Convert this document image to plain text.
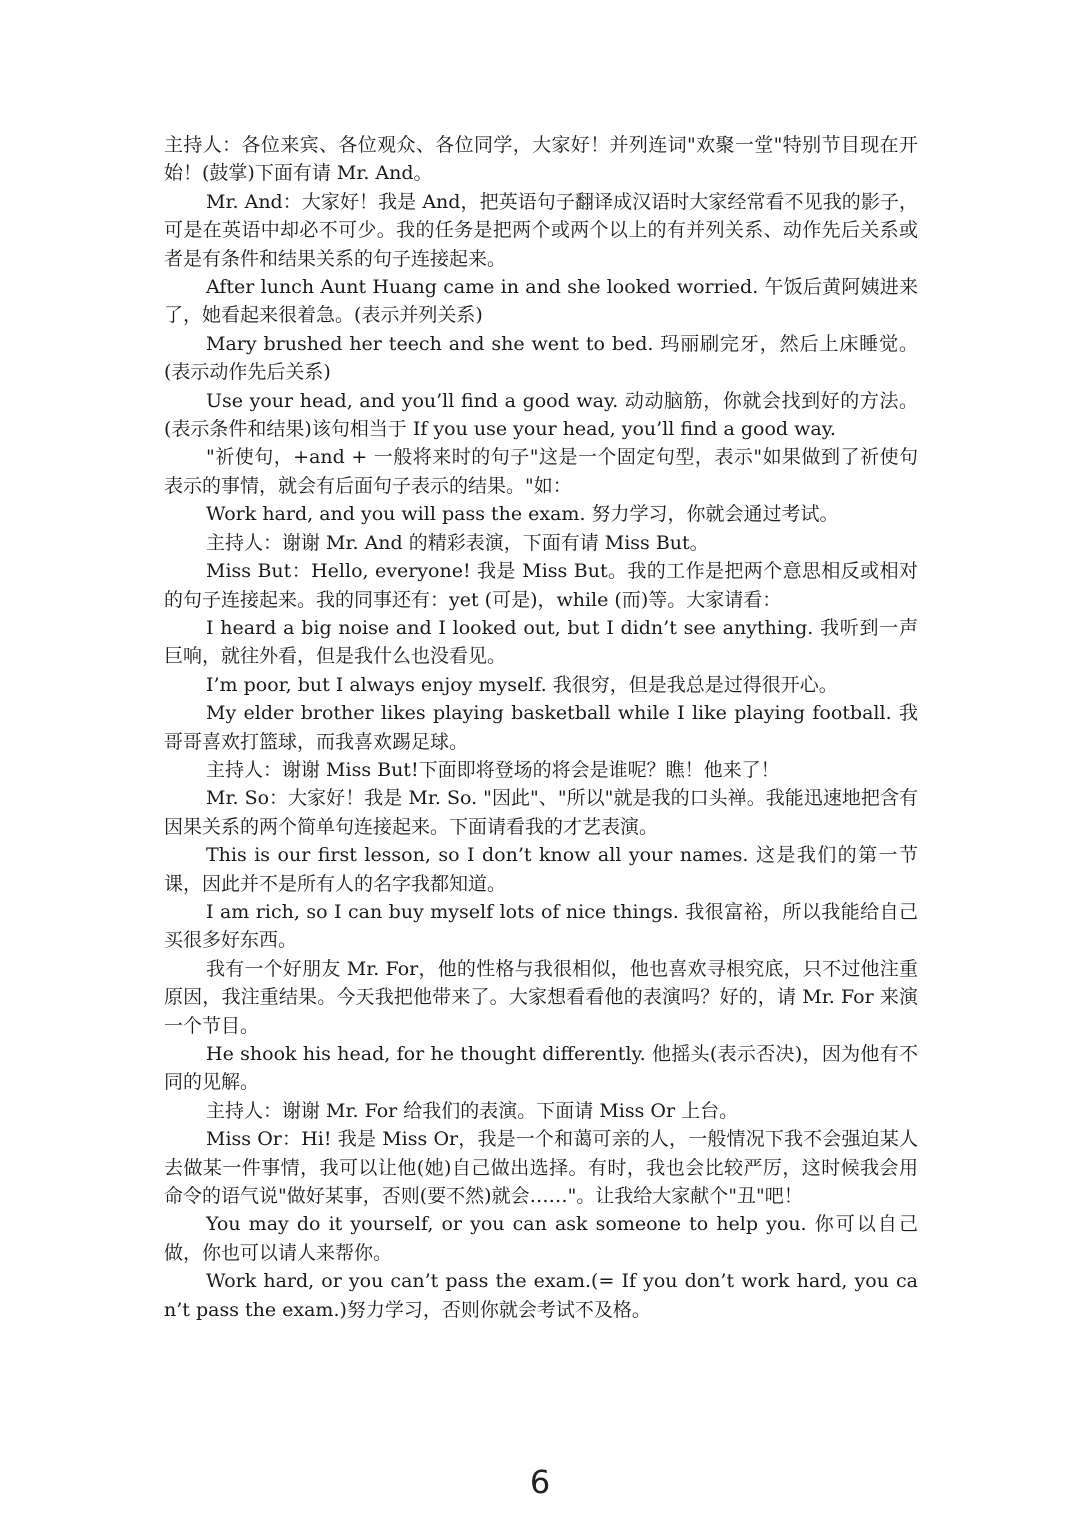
主持人：各位来宾、各位观众、各位同学，大家好！并列连词"欢聚一堂"特别节目现在开始！(鼓掌)下面有请 Mr. And。

Mr. And：大家好！我是 And，把英语句子翻译成汉语时大家经常看不见我的影子，可是在英语中却必不可少。我的任务是把两个或两个以上的有并列关系、动作先后关系或者是有条件和结果关系的句子连接起来。

After lunch Aunt Huang came in and she looked worried. 午饭后黄阿姨进来了，她看起来很着急。(表示并列关系)

Mary brushed her teech and she went to bed. 玛丽刷完牙，然后上床睡觉。(表示动作先后关系)

Use your head, and you’ll find a good way. 动动脑筋，你就会找到好的方法。(表示条件和结果)该句相当于 If you use your head, you’ll find a good way.

"祈使句，+and + 一般将来时的句子"这是一个固定句型，表示"如果做到了祈使句表示的事情，就会有后面句子表示的结果。"如：

Work hard, and you will pass the exam. 努力学习，你就会通过考试。

主持人：谢谢 Mr. And 的精彩表演，下面有请 Miss But。

Miss But：Hello, everyone! 我是 Miss But。我的工作是把两个意思相反或相对的句子连接起来。我的同事还有：yet (可是)，while (而)等。大家请看：

I heard a big noise and I looked out, but I didn’t see anything. 我听到一声巨响，就往外看，但是我什么也没看见。

I’m poor, but I always enjoy myself. 我很穷，但是我总是过得很开心。

My elder brother likes playing basketball while I like playing football. 我哥哥喜欢打篮球，而我喜欢踢足球。

主持人：谢谢 Miss But!下面即将登场的将会是谁呢？瞧！他来了！

Mr. So：大家好！我是 Mr. So. "因此"、"所以"就是我的口头禅。我能迅速地把含有因果关系的两个简单句连接起来。下面请看我的才艺表演。

This is our first lesson, so I don’t know all your names. 这是我们的第一节课，因此并不是所有人的名字我都知道。

I am rich, so I can buy myself lots of nice things. 我很富裕，所以我能给自己买很多好东西。

我有一个好朋友 Mr. For，他的性格与我很相似，他也喜欢寻根究底，只不过他注重原因，我注重结果。今天我把他带来了。大家想看看他的表演吗？好的，请 Mr. For 来演一个节目。

He shook his head, for he thought differently. 他摇头(表示否决)，因为他有不同的见解。

主持人：谢谢 Mr. For 给我们的表演。下面请 Miss Or 上台。

Miss Or：Hi! 我是 Miss Or，我是一个和蔼可亲的人，一般情况下我不会强迫某人去做某一件事情，我可以让他(她)自己做出选择。有时，我也会比较严厉，这时候我会用命令的语气说"做好某事，否则(要不然)就会……"。让我给大家献个"丑"吧！

You may do it yourself, or you can ask someone to help you. 你可以自己做，你也可以请人来帮你。

Work hard, or you can’t pass the exam.(= If you don’t work hard, you can’t pass the exam.)努力学习，否则你就会考试不及格。

6
